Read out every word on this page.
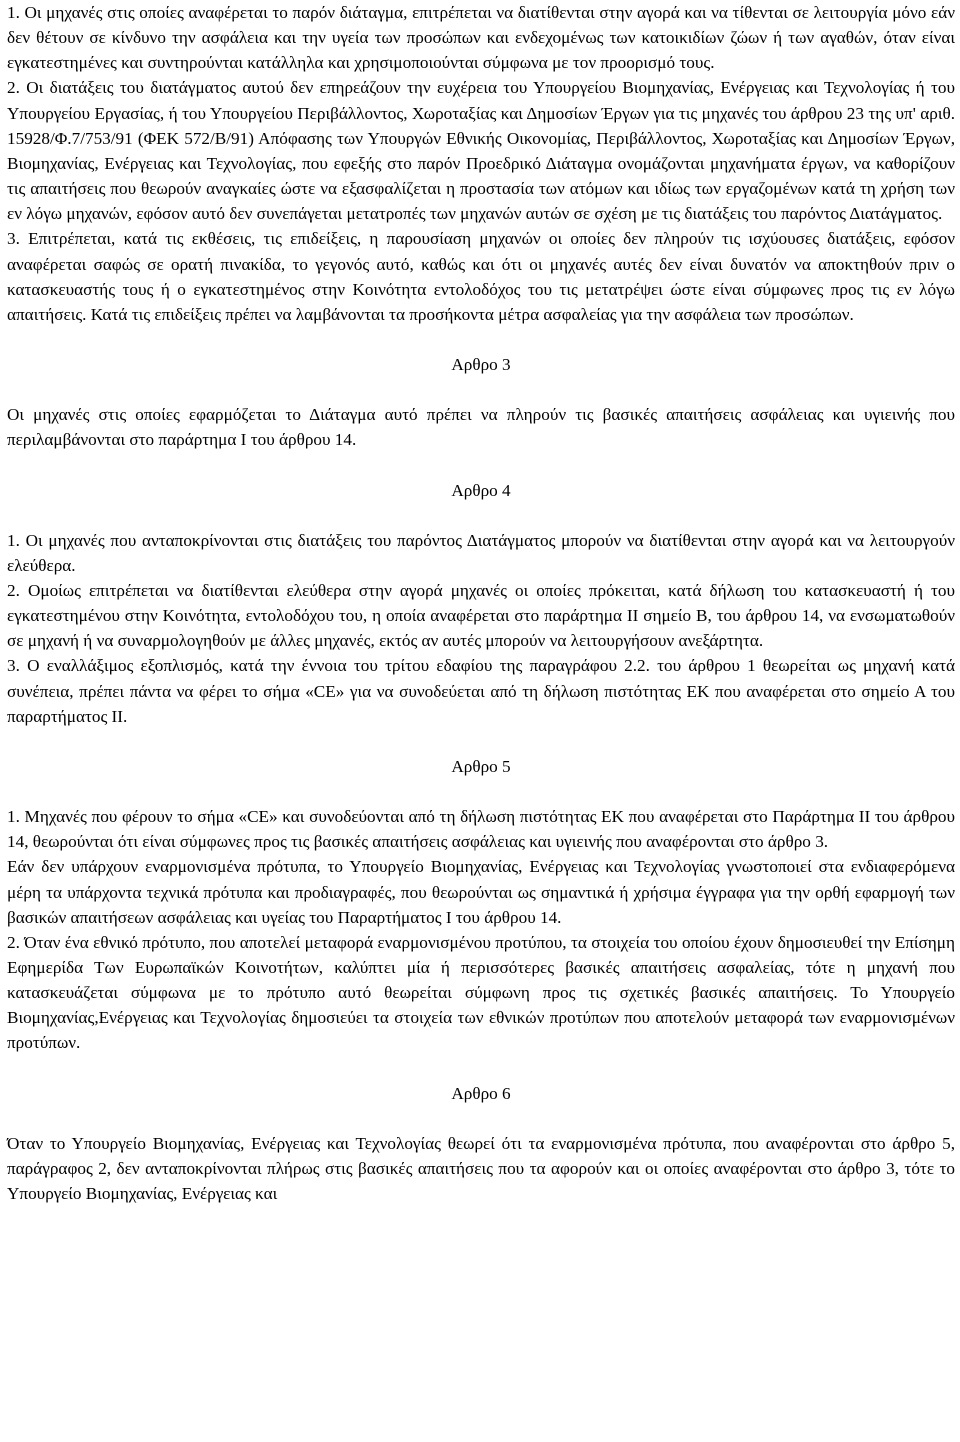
1. Οι μηχανές στις οποίες αναφέρεται το παρόν διάταγμα, επιτρέπεται να διατίθενται στην αγορά και να τίθενται σε λειτουργία μόνο εάν δεν θέτουν σε κίνδυνο την ασφάλεια και την υγεία των προσώπων και ενδεχομένως των κατοικιδίων ζώων ή των αγαθών, όταν είναι εγκατεστημένες και συντηρούνται κατάλληλα και χρησιμοποιούνται σύμφωνα με τον προορισμό τους.

2. Οι διατάξεις του διατάγματος αυτού δεν επηρεάζουν την ευχέρεια του Υπουργείου Βιομηχανίας, Ενέργειας και Τεχνολογίας ή του Υπουργείου Εργασίας, ή του Υπουργείου Περιβάλλοντος, Χωροταξίας και Δημοσίων Έργων για τις μηχανές του άρθρου 23 της υπ' αριθ. 15928/Φ.7/753/91 (ΦΕΚ 572/Β/91) Απόφασης των Υπουργών Εθνικής Οικονομίας, Περιβάλλοντος, Χωροταξίας και Δημοσίων Έργων, Βιομηχανίας, Ενέργειας και Τεχνολογίας, που εφεξής στο παρόν Προεδρικό Διάταγμα ονομάζονται μηχανήματα έργων, να καθορίζουν τις απαιτήσεις που θεωρούν αναγκαίες ώστε να εξασφαλίζεται η προστασία των ατόμων και ιδίως των εργαζομένων κατά τη χρήση των εν λόγω μηχανών, εφόσον αυτό δεν συνεπάγεται μετατροπές των μηχανών αυτών σε σχέση με τις διατάξεις του παρόντος Διατάγματος.

3. Επιτρέπεται, κατά τις εκθέσεις, τις επιδείξεις, η παρουσίαση μηχανών οι οποίες δεν πληρούν τις ισχύουσες διατάξεις, εφόσον αναφέρεται σαφώς σε ορατή πινακίδα, το γεγονός αυτό, καθώς και ότι οι μηχανές αυτές δεν είναι δυνατόν να αποκτηθούν πριν ο κατασκευαστής τους ή ο εγκατεστημένος στην Κοινότητα εντολοδόχος του τις μετατρέψει ώστε είναι σύμφωνες προς τις εν λόγω απαιτήσεις. Κατά τις επιδείξεις πρέπει να λαμβάνονται τα προσήκοντα μέτρα ασφαλείας για την ασφάλεια των προσώπων.

Αρθρο 3

Οι μηχανές στις οποίες εφαρμόζεται το Διάταγμα αυτό πρέπει να πληρούν τις βασικές απαιτήσεις ασφάλειας και υγιεινής που περιλαμβάνονται στο παράρτημα Ι του άρθρου 14.

Αρθρο 4

1. Οι μηχανές που ανταποκρίνονται στις διατάξεις του παρόντος Διατάγματος μπορούν να διατίθενται στην αγορά και να λειτουργούν ελεύθερα.

2. Ομοίως επιτρέπεται να διατίθενται ελεύθερα στην αγορά μηχανές οι οποίες πρόκειται, κατά δήλωση του κατασκευαστή ή του εγκατεστημένου στην Κοινότητα, εντολοδόχου του, η οποία αναφέρεται στο παράρτημα ΙΙ σημείο Β, του άρθρου 14, να ενσωματωθούν σε μηχανή ή να συναρμολογηθούν με άλλες μηχανές, εκτός αν αυτές μπορούν να λειτουργήσουν ανεξάρτητα.

3. Ο εναλλάξιμος εξοπλισμός, κατά την έννοια του τρίτου εδαφίου της παραγράφου 2.2. του άρθρου 1 θεωρείται ως μηχανή κατά συνέπεια, πρέπει πάντα να φέρει το σήμα «CE» για να συνοδεύεται από τη δήλωση πιστότητας ΕΚ που αναφέρεται στο σημείο Α του παραρτήματος ΙΙ.

Αρθρο 5

1. Μηχανές που φέρουν το σήμα «CE» και συνοδεύονται από τη δήλωση πιστότητας ΕΚ που αναφέρεται στο Παράρτημα ΙΙ του άρθρου 14, θεωρούνται ότι είναι σύμφωνες προς τις βασικές απαιτήσεις ασφάλειας και υγιεινής που αναφέρονται στο άρθρο 3.

Εάν δεν υπάρχουν εναρμονισμένα πρότυπα, το Υπουργείο Βιομηχανίας, Ενέργειας και Τεχνολογίας γνωστοποιεί στα ενδιαφερόμενα μέρη τα υπάρχοντα τεχνικά πρότυπα και προδιαγραφές, που θεωρούνται ως σημαντικά ή χρήσιμα έγγραφα για την ορθή εφαρμογή των βασικών απαιτήσεων ασφάλειας και υγείας του Παραρτήματος Ι του άρθρου 14.

2. Όταν ένα εθνικό πρότυπο, που αποτελεί μεταφορά εναρμονισμένου προτύπου, τα στοιχεία του οποίου έχουν δημοσιευθεί την Επίσημη Εφημερίδα Των Ευρωπαϊκών Κοινοτήτων, καλύπτει μία ή περισσότερες βασικές απαιτήσεις ασφαλείας, τότε η μηχανή που κατασκευάζεται σύμφωνα με το πρότυπο αυτό θεωρείται σύμφωνη προς τις σχετικές βασικές απαιτήσεις. Το Υπουργείο Βιομηχανίας,Ενέργειας και Τεχνολογίας δημοσιεύει τα στοιχεία των εθνικών προτύπων που αποτελούν μεταφορά των εναρμονισμένων προτύπων.

Αρθρο 6

Όταν το Υπουργείο Βιομηχανίας, Ενέργειας και Τεχνολογίας θεωρεί ότι τα εναρμονισμένα πρότυπα, που αναφέρονται στο άρθρο 5, παράγραφος 2, δεν ανταποκρίνονται πλήρως στις βασικές απαιτήσεις που τα αφορούν και οι οποίες αναφέρονται στο άρθρο 3, τότε το Υπουργείο Βιομηχανίας, Ενέργειας και
